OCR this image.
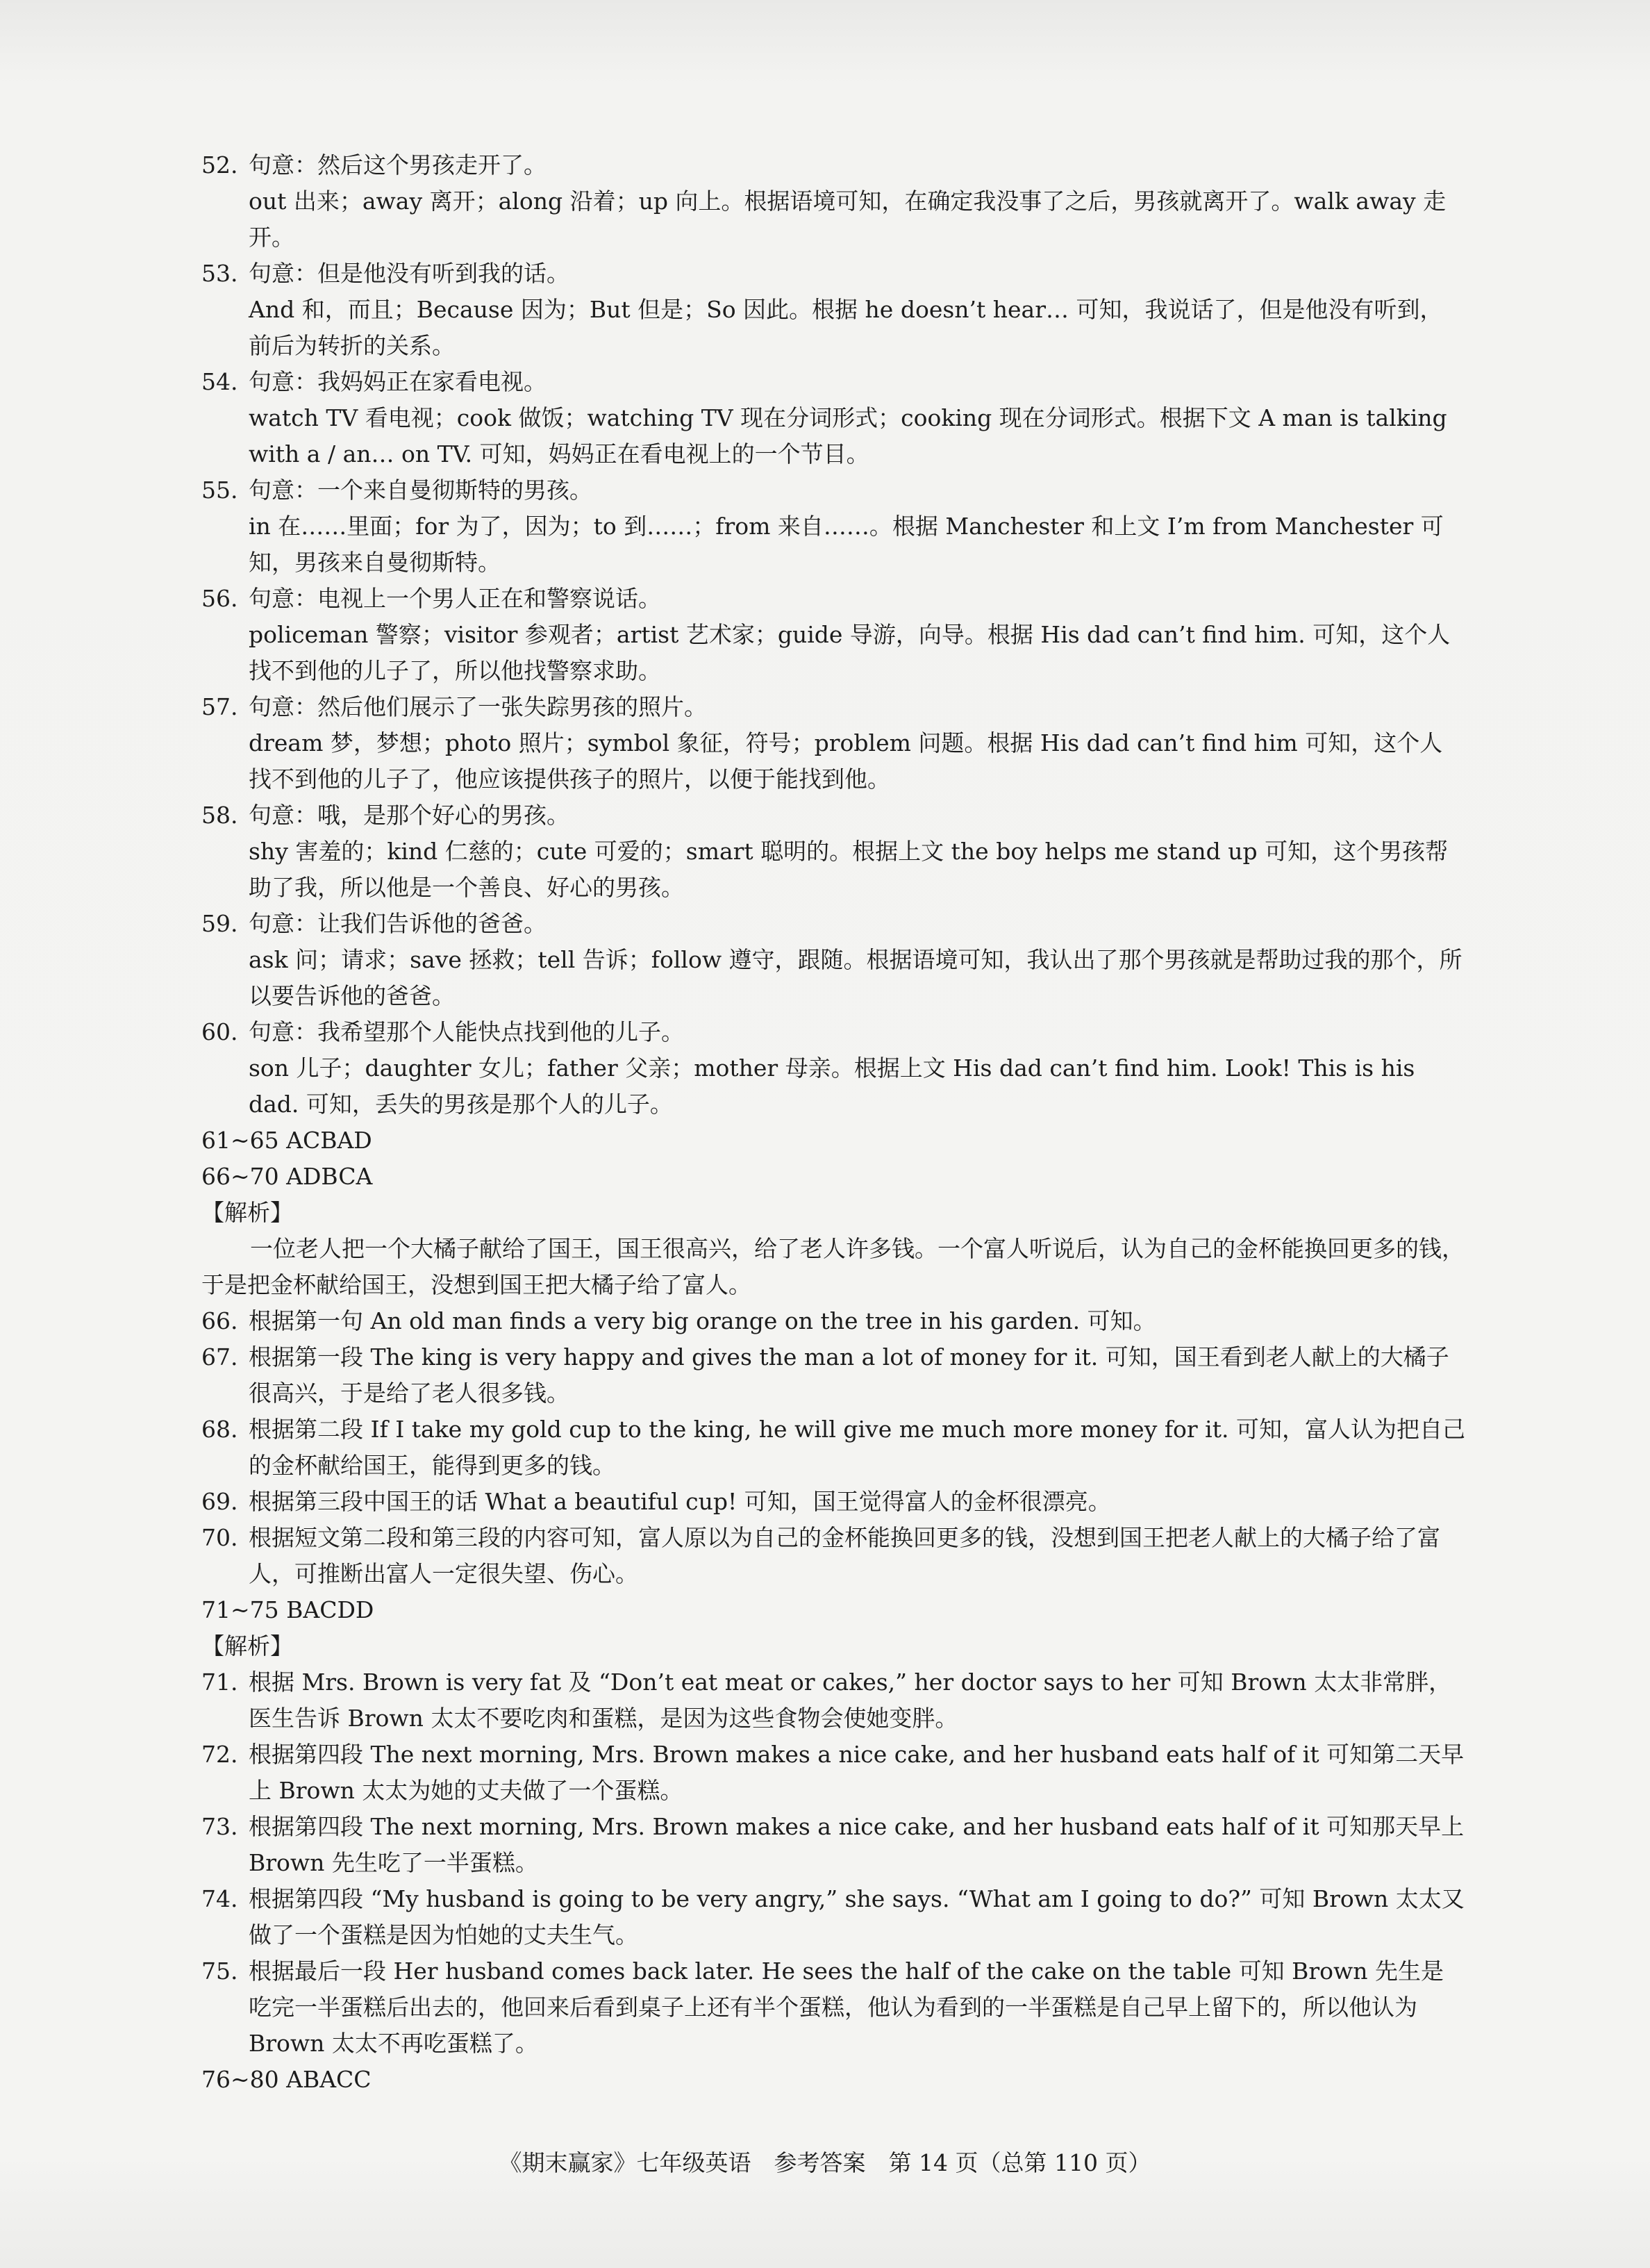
52. 句意：然后这个男孩走开了。
out 出来；away 离开；along 沿着；up 向上。根据语境可知，在确定我没事了之后，男孩就离开了。walk away 走开。
53. 句意：但是他没有听到我的话。
And 和，而且；Because 因为；But 但是；So 因此。根据 he doesn’t hear… 可知，我说话了，但是他没有听到，前后为转折的关系。
54. 句意：我妈妈正在家看电视。
watch TV 看电视；cook 做饭；watching TV 现在分词形式；cooking 现在分词形式。根据下文 A man is talking with a / an… on TV. 可知，妈妈正在看电视上的一个节目。
55. 句意：一个来自曼彻斯特的男孩。
in 在……里面；for 为了，因为；to 到……；from 来自……。根据 Manchester 和上文 I’m from Manchester 可知，男孩来自曼彻斯特。
56. 句意：电视上一个男人正在和警察说话。
policeman 警察；visitor 参观者；artist 艺术家；guide 导游，向导。根据 His dad can’t find him. 可知，这个人找不到他的儿子了，所以他找警察求助。
57. 句意：然后他们展示了一张失踪男孩的照片。
dream 梦，梦想；photo 照片；symbol 象征，符号；problem 问题。根据 His dad can’t find him 可知，这个人找不到他的儿子了，他应该提供孩子的照片，以便于能找到他。
58. 句意：哦，是那个好心的男孩。
shy 害羞的；kind 仁慈的；cute 可爱的；smart 聪明的。根据上文 the boy helps me stand up 可知，这个男孩帮助了我，所以他是一个善良、好心的男孩。
59. 句意：让我们告诉他的爸爸。
ask 问；请求；save 拯救；tell 告诉；follow 遵守，跟随。根据语境可知，我认出了那个男孩就是帮助过我的那个，所以要告诉他的爸爸。
60. 句意：我希望那个人能快点找到他的儿子。
son 儿子；daughter 女儿；father 父亲；mother 母亲。根据上文 His dad can’t find him. Look! This is his dad. 可知，丢失的男孩是那个人的儿子。
61~65 ACBAD
66~70 ADBCA
【解析】
一位老人把一个大橘子献给了国王，国王很高兴，给了老人许多钱。一个富人听说后，认为自己的金杯能换回更多的钱，于是把金杯献给国王，没想到国王把大橘子给了富人。
66. 根据第一句 An old man finds a very big orange on the tree in his garden. 可知。
67. 根据第一段 The king is very happy and gives the man a lot of money for it. 可知，国王看到老人献上的大橘子很高兴，于是给了老人很多钱。
68. 根据第二段 If I take my gold cup to the king, he will give me much more money for it. 可知，富人认为把自己的金杯献给国王，能得到更多的钱。
69. 根据第三段中国王的话 What a beautiful cup! 可知，国王觉得富人的金杯很漂亮。
70. 根据短文第二段和第三段的内容可知，富人原以为自己的金杯能换回更多的钱，没想到国王把老人献上的大橘子给了富人，可推断出富人一定很失望、伤心。
71~75 BACDD
【解析】
71. 根据 Mrs. Brown is very fat 及 “Don’t eat meat or cakes,” her doctor says to her 可知 Brown 太太非常胖，医生告诉 Brown 太太不要吃肉和蛋糕，是因为这些食物会使她变胖。
72. 根据第四段 The next morning, Mrs. Brown makes a nice cake, and her husband eats half of it 可知第二天早上 Brown 太太为她的丈夫做了一个蛋糕。
73. 根据第四段 The next morning, Mrs. Brown makes a nice cake, and her husband eats half of it 可知那天早上 Brown 先生吃了一半蛋糕。
74. 根据第四段 “My husband is going to be very angry,” she says. “What am I going to do?” 可知 Brown 太太又做了一个蛋糕是因为怕她的丈夫生气。
75. 根据最后一段 Her husband comes back later. He sees the half of the cake on the table 可知 Brown 先生是吃完一半蛋糕后出去的，他回来后看到桌子上还有半个蛋糕，他认为看到的一半蛋糕是自己早上留下的，所以他认为 Brown 太太不再吃蛋糕了。
76~80 ABACC
《期末赢家》七年级英语　参考答案　第 14 页（总第 110 页）
